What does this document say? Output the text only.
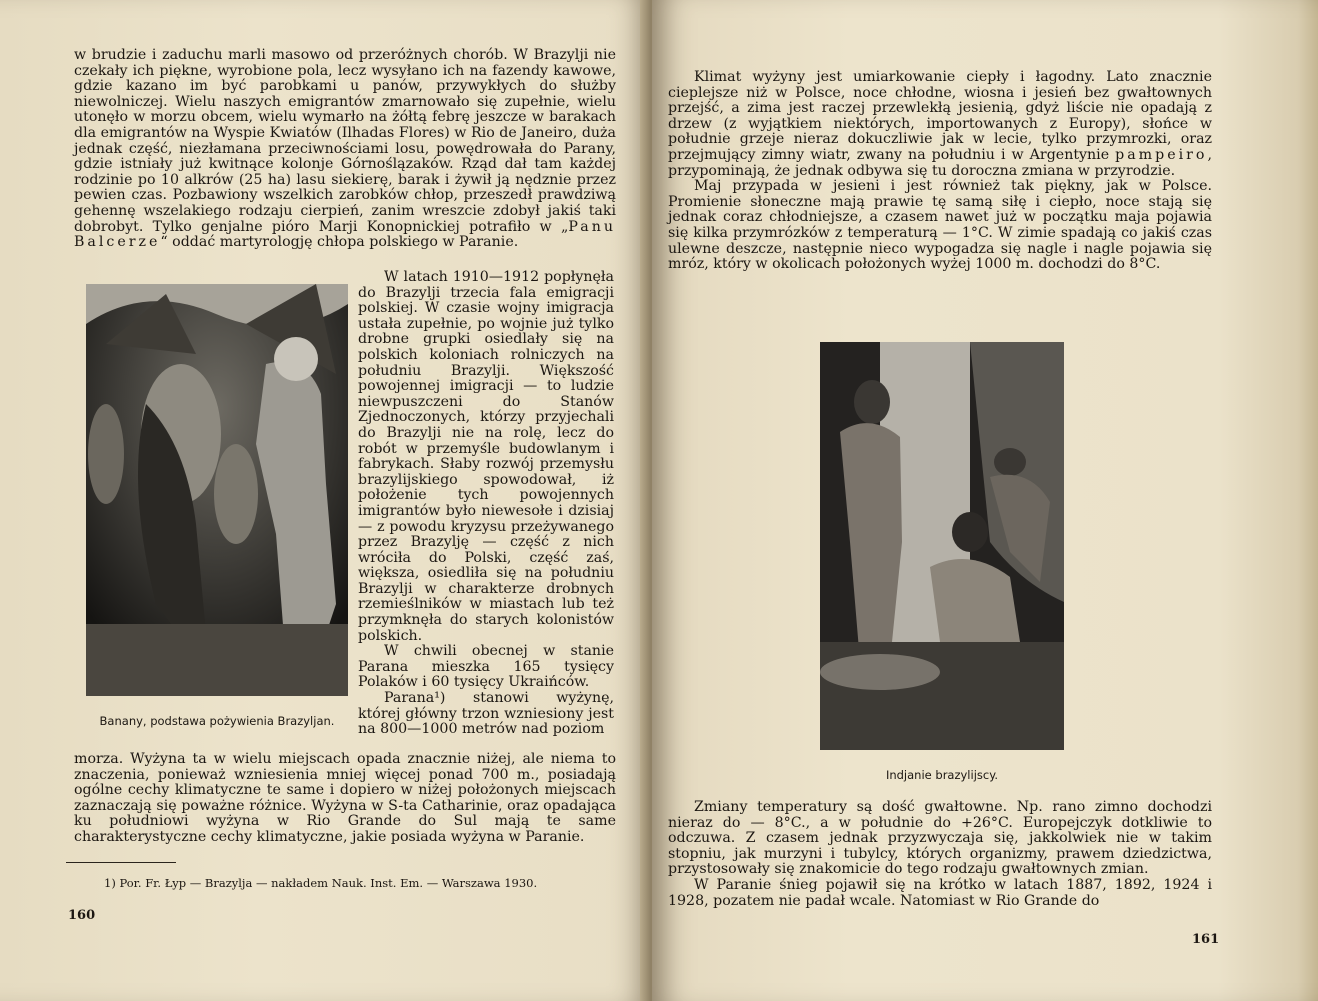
w brudzie i zaduchu marli masowo od przeróżnych chorób. W Brazylji nie czekały ich piękne, wyrobione pola, lecz wysyłano ich na fazendy kawowe, gdzie kazano im być parobkami u panów, przywykłych do służby niewolniczej. Wielu naszych emigrantów zmarnowało się zupełnie, wielu utonęło w morzu obcem, wielu wymarło na żółtą febrę jeszcze w barakach dla emigrantów na Wyspie Kwiatów (Ilhadas Flores) w Rio de Janeiro, duża jednak część, niezłamana przeciwnościami losu, powędrowała do Parany, gdzie istniały już kwitnące kolonje Górnoślązaków. Rząd dał tam każdej rodzinie po 10 alkrów (25 ha) lasu siekierę, barak i żywił ją nędznie przez pewien czas. Pozbawiony wszelkich zarobków chłop, przeszedł prawdziwą gehennę wszelakiego rodzaju cierpień, zanim wreszcie zdobył jakiś taki dobrobyt. Tylko genjalne pióro Marji Konopnickiej potrafiło w „Panu Balcerze“ oddać martyrologję chłopa polskiego w Paranie.

Banany, podstawa pożywienia Brazyljan.

W latach 1910—1912 popłynęła do Brazylji trzecia fala emigracji polskiej. W czasie wojny imigracja ustała zupełnie, po wojnie już tylko drobne grupki osiedlały się na polskich koloniach rolniczych na południu Brazylji. Większość powojennej imigracji — to ludzie niewpuszczeni do Stanów Zjednoczonych, którzy przyjechali do Brazylji nie na rolę, lecz do robót w przemyśle budowlanym i fabrykach. Słaby rozwój przemysłu brazylijskiego spowodował, iż położenie tych powojennych imigrantów było niewesołe i dzisiaj — z powodu kryzysu przeżywanego przez Brazylję — część z nich wróciła do Polski, część zaś, większa, osiedliła się na południu Brazylji w charakterze drobnych rzemieślników w miastach lub też przymknęła do starych kolonistów polskich.

W chwili obecnej w stanie Parana mieszka 165 tysięcy Polaków i 60 tysięcy Ukraińców.

Parana¹) stanowi wyżynę, której główny trzon wzniesiony jest na 800—1000 metrów nad poziom

morza. Wyżyna ta w wielu miejscach opada znacznie niżej, ale niema to znaczenia, ponieważ wzniesienia mniej więcej ponad 700 m., posiadają ogólne cechy klimatyczne te same i dopiero w niżej położonych miejscach zaznaczają się poważne różnice. Wyżyna w S-ta Catharinie, oraz opadająca ku południowi wyżyna w Rio Grande do Sul mają te same charakterystyczne cechy klimatyczne, jakie posiada wyżyna w Paranie.
1) Por. Fr. Łyp — Brazylja — nakładem Nauk. Inst. Em. — Warszawa 1930.
160

Klimat wyżyny jest umiarkowanie ciepły i łagodny. Lato znacznie cieplejsze niż w Polsce, noce chłodne, wiosna i jesień bez gwałtownych przejść, a zima jest raczej przewlekłą jesienią, gdyż liście nie opadają z drzew (z wyjątkiem niektórych, importowanych z Europy), słońce w południe grzeje nieraz dokuczliwie jak w lecie, tylko przymrozki, oraz przejmujący zimny wiatr, zwany na południu i w Argentynie pampeiro, przypominają, że jednak odbywa się tu doroczna zmiana w przyrodzie.

Maj przypada w jesieni i jest również tak piękny, jak w Polsce. Promienie słoneczne mają prawie tę samą siłę i ciepło, noce stają się jednak coraz chłodniejsze, a czasem nawet już w początku maja pojawia się kilka przymrózków z temperaturą — 1°C. W zimie spadają co jakiś czas ulewne deszcze, następnie nieco wypogadza się nagle i nagle pojawia się mróz, który w okolicach położonych wyżej 1000 m. dochodzi do 8°C.

Indjanie brazylijscy.

Zmiany temperatury są dość gwałtowne. Np. rano zimno dochodzi nieraz do — 8°C., a w południe do +26°C. Europejczyk dotkliwie to odczuwa. Z czasem jednak przyzwyczaja się, jakkolwiek nie w takim stopniu, jak murzyni i tubylcy, których organizmy, prawem dziedzictwa, przystosowały się znakomicie do tego rodzaju gwałtownych zmian.

W Paranie śnieg pojawił się na krótko w latach 1887, 1892, 1924 i 1928, pozatem nie padał wcale. Natomiast w Rio Grande do

161
